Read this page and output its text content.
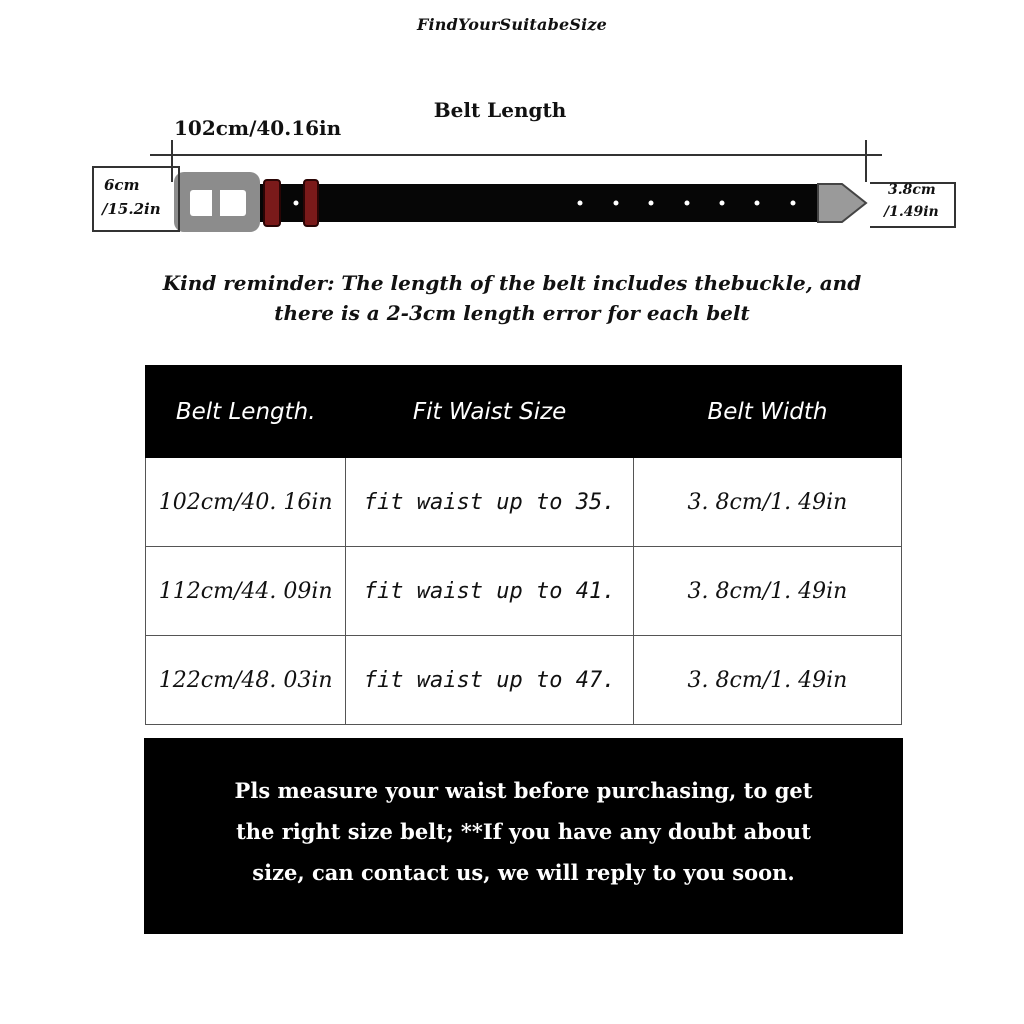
FindYourSuitabeSize
Belt Length
102cm/40.16in
6cm
/15.2in
3.8cm
/1.49in
Kind reminder: The length of the belt includes thebuckle, and
there is a 2-3cm length error for each belt
Belt Length.	Fit Waist Size	Belt Width
102cm/40. 16in	fit waist up to 35.	3. 8cm/1. 49in
112cm/44. 09in	fit waist up to 41.	3. 8cm/1. 49in
122cm/48. 03in	fit waist up to 47.	3. 8cm/1. 49in
Pls measure your waist before purchasing, to get
the right size belt; **If you have any doubt about
size, can contact us, we will reply to you soon.
